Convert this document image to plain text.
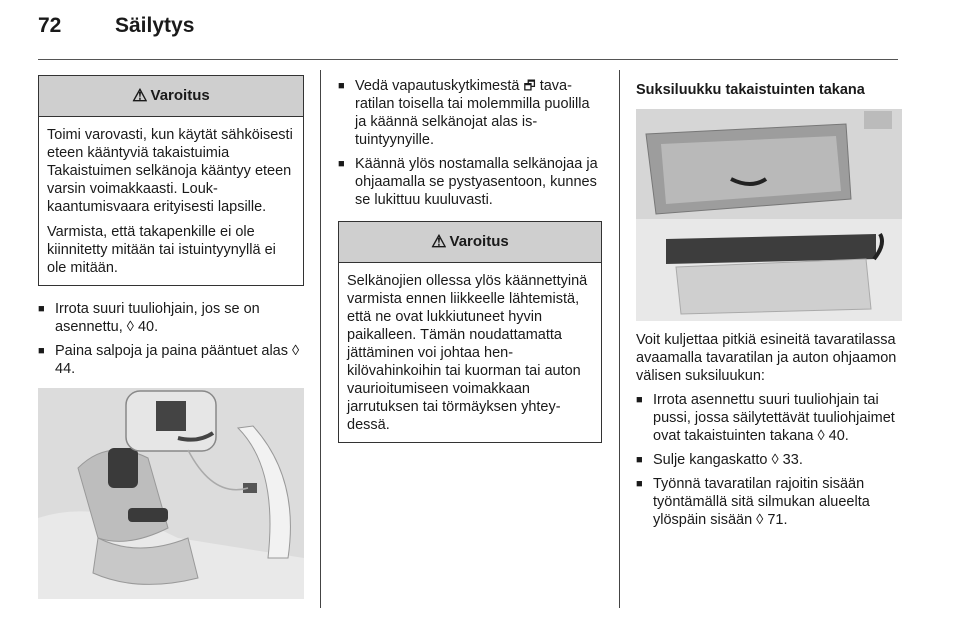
72	Säilytys
⚠ Varoitus

Toimi varovasti, kun käytät sähköisesti eteen kääntyviä takaistuimia Takaistuimen selkänoja kääntyy eteen varsin voimakkaasti. Loukkaantumisvaara erityisesti lapsille.

Varmista, että takapenkille ei ole kiinnitetty mitään tai istuintyynyllä ei ole mitään.

■ Irrota suuri tuuliohjain, jos se on asennettu, ◊ 40.
■ Paina salpoja ja paina pääntuet alas ◊ 44.
■ Vedä vapautuskytkimestä 🗗 tavaratilan toisella tai molemmilla puolilla ja käännä selkänojat alas istuintyynyille.
■ Käännä ylös nostamalla selkänojaa ja ohjaamalla se pystyasentoon, kunnes se lukittuu kuuluvasti.
⚠ Varoitus

Selkänojien ollessa ylös käännettyinä varmista ennen liikkeelle lähtemistä, että ne ovat lukkiutuneet hyvin paikalleen. Tämän noudattamatta jättäminen voi johtaa henkilövahinkoihin tai kuorman tai auton vaurioitumiseen voimakkaan jarrutuksen tai törmäyksen yhteydessä.

Suksiluukku takaistuinten takana

Voit kuljettaa pitkiä esineitä tavaratilassa avaamalla tavaratilan ja auton ohjaamon välisen suksiluukun:

■ Irrota asennettu suuri tuuliohjain tai pussi, jossa säilytettävät tuuliohjaimet ovat takaistuinten takana ◊ 40.
■ Sulje kangaskatto ◊ 33.
■ Työnnä tavaratilan rajoitin sisään työntämällä sitä silmukan alueelta ylöspäin sisään ◊ 71.
